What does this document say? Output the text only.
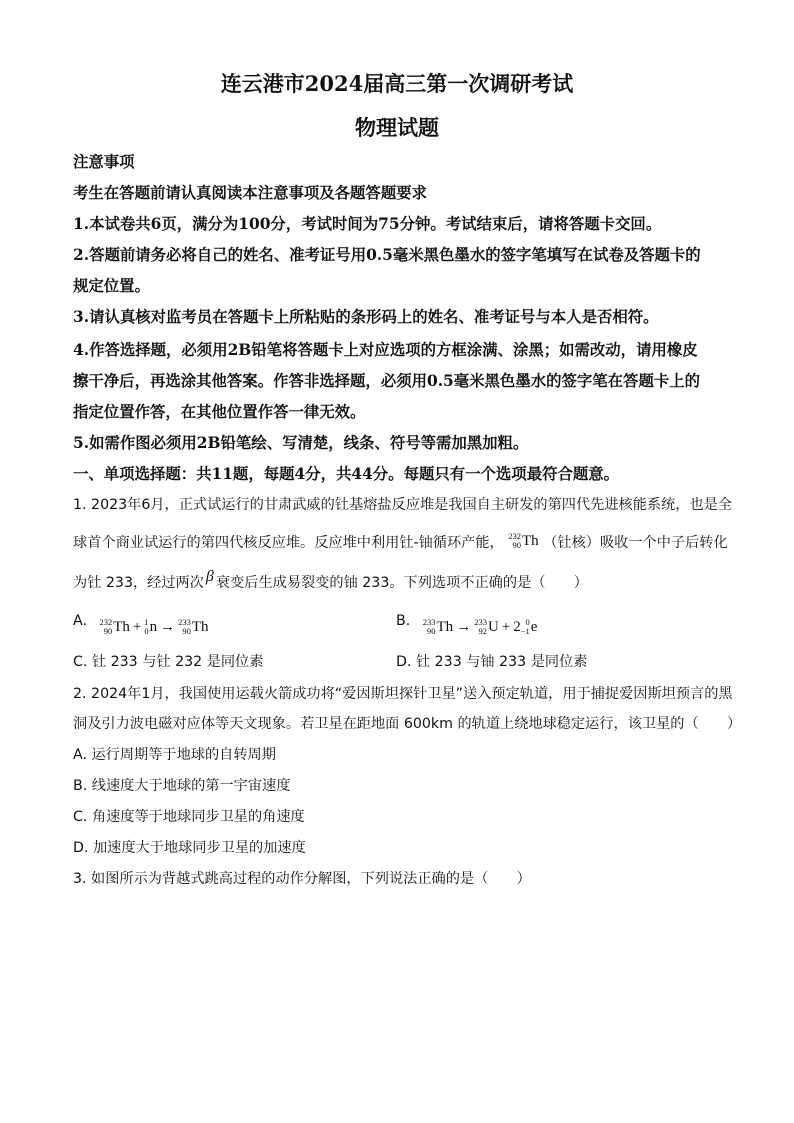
连云港市2024届高三第一次调研考试
物理试题
注意事项
考生在答题前请认真阅读本注意事项及各题答题要求
1.本试卷共6页，满分为100分，考试时间为75分钟。考试结束后，请将答题卡交回。
2.答题前请务必将自己的姓名、准考证号用0.5毫米黑色墨水的签字笔填写在试卷及答题卡的
规定位置。
3.请认真核对监考员在答题卡上所粘贴的条形码上的姓名、准考证号与本人是否相符。
4.作答选择题，必须用2B铅笔将答题卡上对应选项的方框涂满、涂黑；如需改动，请用橡皮
擦干净后，再选涂其他答案。作答非选择题，必须用0.5毫米黑色墨水的签字笔在答题卡上的
指定位置作答，在其他位置作答一律无效。
5.如需作图必须用2B铅笔绘、写清楚，线条、符号等需加黑加粗。
一、单项选择题：共11题，每题4分，共44分。每题只有一个选项最符合题意。
1. 2023年6月，正式试运行的甘肃武威的钍基熔盐反应堆是我国自主研发的第四代先进核能系统，也是全
球首个商业试运行的第四代核反应堆。反应堆中利用钍-铀循环产能， 232
90 Th （钍核）吸收一个中子后转化
为钍 233，经过两次 β 衰变后生成易裂变的铀 233。下列选项不正确的是（　　）
A. 232
90 Th + 1
0 n → 233
90 Th	B. 233
90 Th → 233
92 U + 2 0
−1 e
C. 钍 233 与钍 232 是同位素	D. 钍 233 与铀 233 是同位素
2. 2024年1月，我国使用运载火箭成功将“爱因斯坦探针卫星”送入预定轨道，用于捕捉爱因斯坦预言的黑
洞及引力波电磁对应体等天文现象。若卫星在距地面 600km 的轨道上绕地球稳定运行，该卫星的（　　）
A. 运行周期等于地球的自转周期
B. 线速度大于地球的第一宇宙速度
C. 角速度等于地球同步卫星的角速度
D. 加速度大于地球同步卫星的加速度
3. 如图所示为背越式跳高过程的动作分解图，下列说法正确的是（　　）
